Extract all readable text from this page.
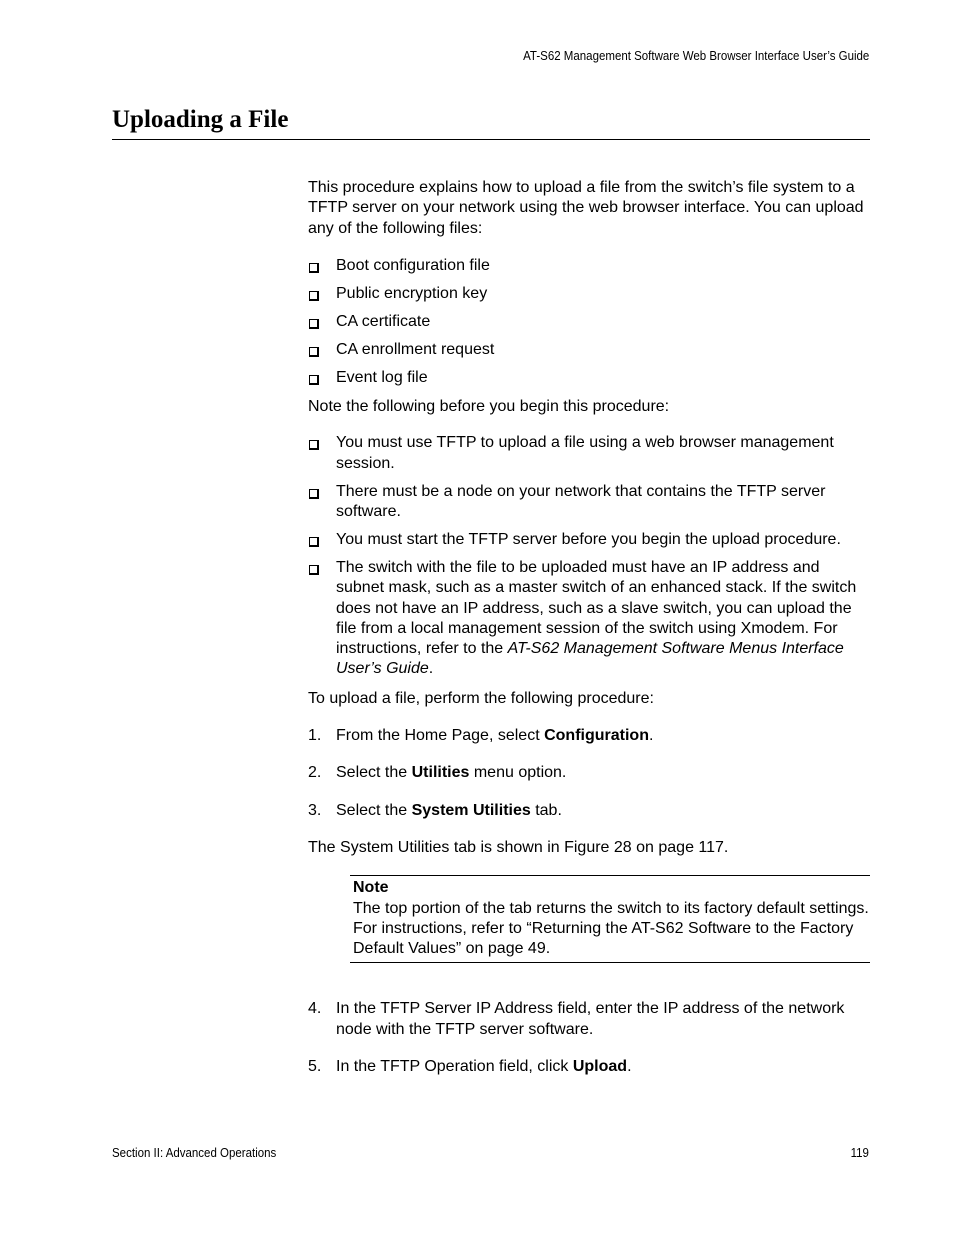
AT-S62 Management Software Web Browser Interface User’s Guide
Uploading a File

This procedure explains how to upload a file from the switch’s file system to a TFTP server on your network using the web browser interface. You can upload any of the following files:

Boot configuration file
Public encryption key
CA certificate
CA enrollment request
Event log file

Note the following before you begin this procedure:

You must use TFTP to upload a file using a web browser management session.
There must be a node on your network that contains the TFTP server software.
You must start the TFTP server before you begin the upload procedure.
The switch with the file to be uploaded must have an IP address and subnet mask, such as a master switch of an enhanced stack. If the switch does not have an IP address, such as a slave switch, you can upload the file from a local management session of the switch using Xmodem. For instructions, refer to the AT-S62 Management Software Menus Interface User’s Guide.

To upload a file, perform the following procedure:

1. From the Home Page, select Configuration.
2. Select the Utilities menu option.
3. Select the System Utilities tab.

The System Utilities tab is shown in Figure 28 on page 117.

Note
The top portion of the tab returns the switch to its factory default settings. For instructions, refer to “Returning the AT-S62 Software to the Factory Default Values” on page 49.
4. In the TFTP Server IP Address field, enter the IP address of the network node with the TFTP server software.
5. In the TFTP Operation field, click Upload.
Section II: Advanced Operations	119
